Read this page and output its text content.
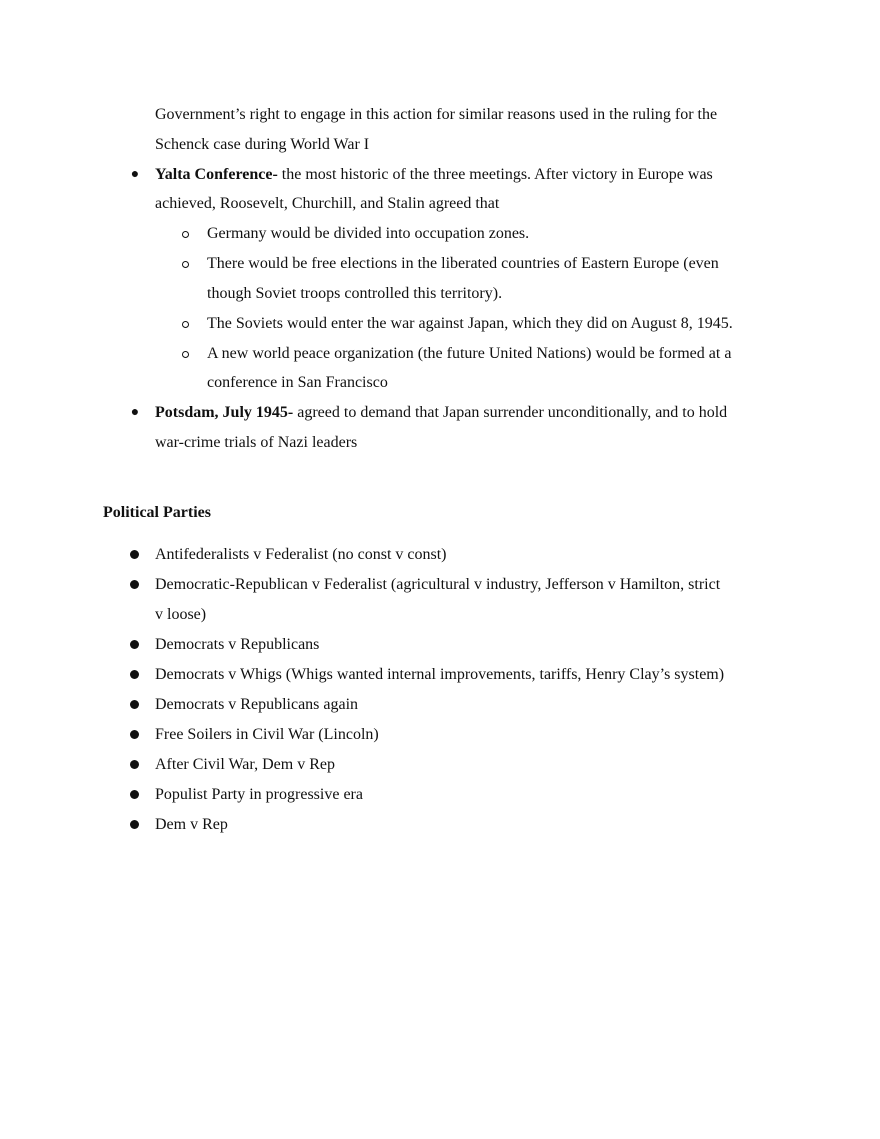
Government’s right to engage in this action for similar reasons used in the ruling for the
Schenck case during World War I
● Yalta Conference- the most historic of the three meetings. After victory in Europe was
achieved, Roosevelt, Churchill, and Stalin agreed that
Germany would be divided into occupation zones.
There would be free elections in the liberated countries of Eastern Europe (even
though Soviet troops controlled this territory).
The Soviets would enter the war against Japan, which they did on August 8, 1945.
A new world peace organization (the future United Nations) would be formed at a
conference in San Francisco
● Potsdam, July 1945- agreed to demand that Japan surrender unconditionally, and to hold
war-crime trials of Nazi leaders
Political Parties
Antifederalists v Federalist (no const v const)
Democratic-Republican v Federalist (agricultural v industry, Jefferson v Hamilton, strict
v loose)
Democrats v Republicans
Democrats v Whigs (Whigs wanted internal improvements, tariffs, Henry Clay’s system)
Democrats v Republicans again
Free Soilers in Civil War (Lincoln)
After Civil War, Dem v Rep
Populist Party in progressive era
Dem v Rep
